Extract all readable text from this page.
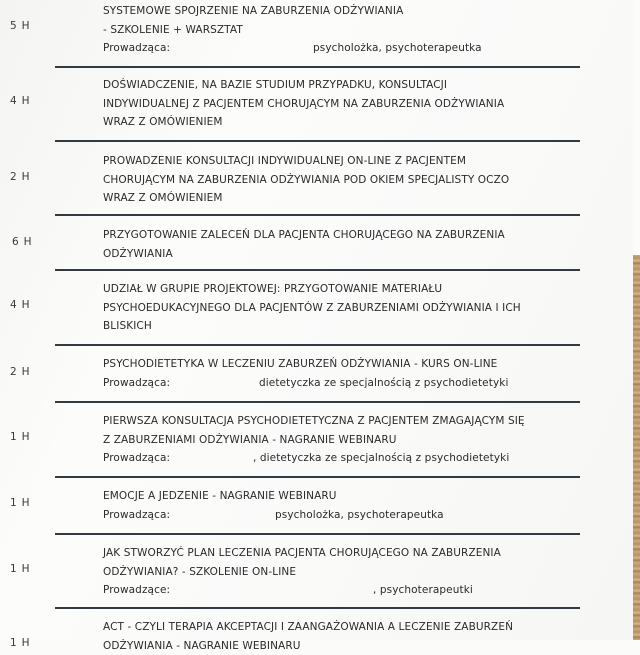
5 H
SYSTEMOWE SPOJRZENIE NA ZABURZENIA ODŻYWIANIA
- SZKOLENIE + WARSZTAT
Prowadząca:	psycholożka, psychoterapeutka
4 H
DOŚWIADCZENIE, NA BAZIE STUDIUM PRZYPADKU, KONSULTACJI
INDYWIDUALNEJ Z PACJENTEM CHORUJĄCYM NA ZABURZENIA ODŻYWIANIA
WRAZ Z OMÓWIENIEM
2 H
PROWADZENIE KONSULTACJI INDYWIDUALNEJ ON-LINE Z PACJENTEM
CHORUJĄCYM NA ZABURZENIA ODŻYWIANIA POD OKIEM SPECJALISTY OCZO
WRAZ Z OMÓWIENIEM
6 H
PRZYGOTOWANIE ZALECEŃ DLA PACJENTA CHORUJĄCEGO NA ZABURZENIA
ODŻYWIANIA
4 H
UDZIAŁ W GRUPIE PROJEKTOWEJ: PRZYGOTOWANIE MATERIAŁU
PSYCHOEDUKACYJNEGO DLA PACJENTÓW Z ZABURZENIAMI ODŻYWIANIA I ICH
BLISKICH
2 H
PSYCHODIETETYKA W LECZENIU ZABURZEŃ ODŻYWIANIA - KURS ON-LINE
Prowadząca:	dietetyczka ze specjalnością z psychodietetyki
1 H
PIERWSZA KONSULTACJA PSYCHODIETETYCZNA Z PACJENTEM ZMAGAJĄCYM SIĘ
Z ZABURZENIAMI ODŻYWIANIA - NAGRANIE WEBINARU
Prowadząca:	, dietetyczka ze specjalnością z psychodietetyki
1 H
EMOCJE A JEDZENIE - NAGRANIE WEBINARU
Prowadząca:	psycholożka, psychoterapeutka
1 H
JAK STWORZYĆ PLAN LECZENIA PACJENTA CHORUJĄCEGO NA ZABURZENIA
ODŻYWIANIA? - SZKOLENIE ON-LINE
Prowadzące:	, psychoterapeutki
1 H
ACT - CZYLI TERAPIA AKCEPTACJI I ZAANGAŻOWANIA A LECZENIE ZABURZEŃ
ODŻYWIANIA - NAGRANIE WEBINARU
